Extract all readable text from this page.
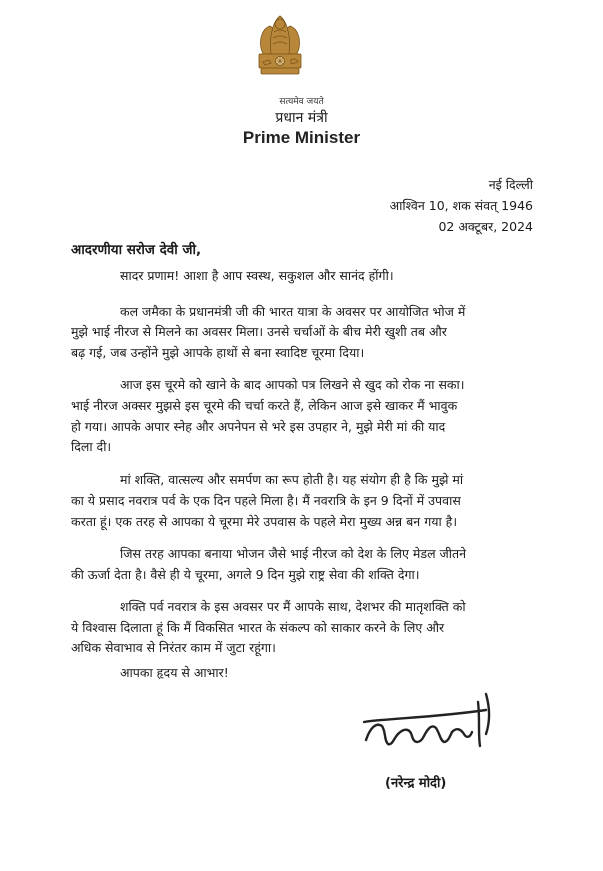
सत्यमेव जयते
प्रधान मंत्री
Prime Minister
नई दिल्ली
आश्विन 10, शक संवत् 1946
02 अक्टूबर, 2024
आदरणीया सरोज देवी जी,
सादर प्रणाम! आशा है आप स्वस्थ, सकुशल और सानंद होंगी।
कल जमैका के प्रधानमंत्री जी की भारत यात्रा के अवसर पर आयोजित भोज में
मुझे भाई नीरज से मिलने का अवसर मिला। उनसे चर्चाओं के बीच मेरी खुशी तब और
बढ़ गई, जब उन्होंने मुझे आपके हाथों से बना स्वादिष्ट चूरमा दिया।
आज इस चूरमे को खाने के बाद आपको पत्र लिखने से खुद को रोक ना सका।
भाई नीरज अक्सर मुझसे इस चूरमे की चर्चा करते हैं, लेकिन आज इसे खाकर मैं भावुक
हो गया। आपके अपार स्नेह और अपनेपन से भरे इस उपहार ने, मुझे मेरी मां की याद
दिला दी।
मां शक्ति, वात्सल्य और समर्पण का रूप होती है। यह संयोग ही है कि मुझे मां
का ये प्रसाद नवरात्र पर्व के एक दिन पहले मिला है। मैं नवरात्रि के इन 9 दिनों में उपवास
करता हूं। एक तरह से आपका ये चूरमा मेरे उपवास के पहले मेरा मुख्य अन्न बन गया है।
जिस तरह आपका बनाया भोजन जैसे भाई नीरज को देश के लिए मेडल जीतने
की ऊर्जा देता है। वैसे ही ये चूरमा, अगले 9 दिन मुझे राष्ट्र सेवा की शक्ति देगा।
शक्ति पर्व नवरात्र के इस अवसर पर मैं आपके साथ, देशभर की मातृशक्ति को
ये विश्वास दिलाता हूं कि मैं विकसित भारत के संकल्प को साकार करने के लिए और
अधिक सेवाभाव से निरंतर काम में जुटा रहूंगा।
आपका हृदय से आभार!
(नरेन्द्र मोदी)
